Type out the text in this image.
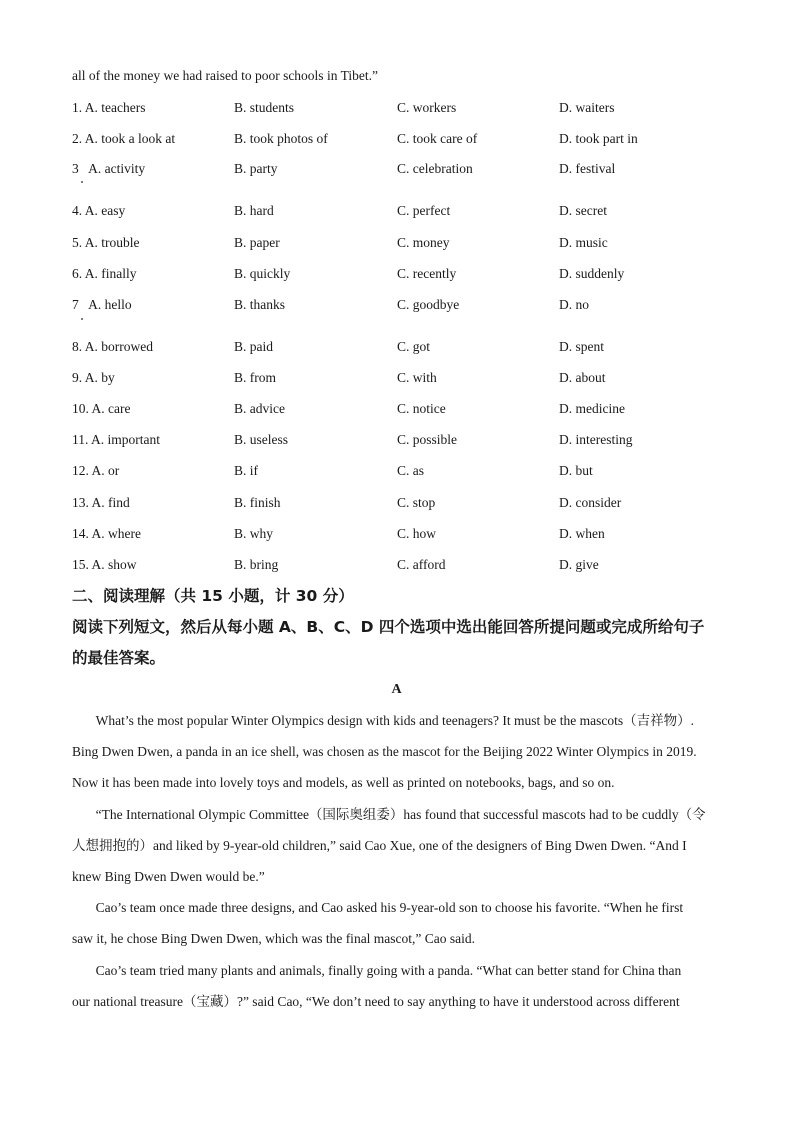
all of the money we had raised to poor schools in Tibet.”
1. A. teachers	B. students	C. workers	D. waiters
2. A. took a look at	B. took photos of	C. took care of	D. took part in
3   A. activity	B. party	C. celebration	D. festival
4. A. easy	B. hard	C. perfect	D. secret
5. A. trouble	B. paper	C. money	D. music
6. A. finally	B. quickly	C. recently	D. suddenly
7   A. hello	B. thanks	C. goodbye	D. no
8. A. borrowed	B. paid	C. got	D. spent
9. A. by	B. from	C. with	D. about
10. A. care	B. advice	C. notice	D. medicine
11. A. important	B. useless	C. possible	D. interesting
12. A. or	B. if	C. as	D. but
13. A. find	B. finish	C. stop	D. consider
14. A. where	B. why	C. how	D. when
15. A. show	B. bring	C. afford	D. give
二、阅读理解（共 15 小题，计 30 分）
阅读下列短文，然后从每小题 A、B、C、D 四个选项中选出能回答所提问题或完成所给句子
的最佳答案。
A
What’s the most popular Winter Olympics design with kids and teenagers? It must be the mascots（吉祥物）.
Bing Dwen Dwen, a panda in an ice shell, was chosen as the mascot for the Beijing 2022 Winter Olympics in 2019.
Now it has been made into lovely toys and models, as well as printed on notebooks, bags, and so on.
“The International Olympic Committee（国际奥组委）has found that successful mascots had to be cuddly（令
人想拥抱的）and liked by 9-year-old children,” said Cao Xue, one of the designers of Bing Dwen Dwen. “And I
knew Bing Dwen Dwen would be.”
Cao’s team once made three designs, and Cao asked his 9-year-old son to choose his favorite. “When he first
saw it, he chose Bing Dwen Dwen, which was the final mascot,” Cao said.
Cao’s team tried many plants and animals, finally going with a panda. “What can better stand for China than
our national treasure（宝藏）?” said Cao, “We don’t need to say anything to have it understood across different
